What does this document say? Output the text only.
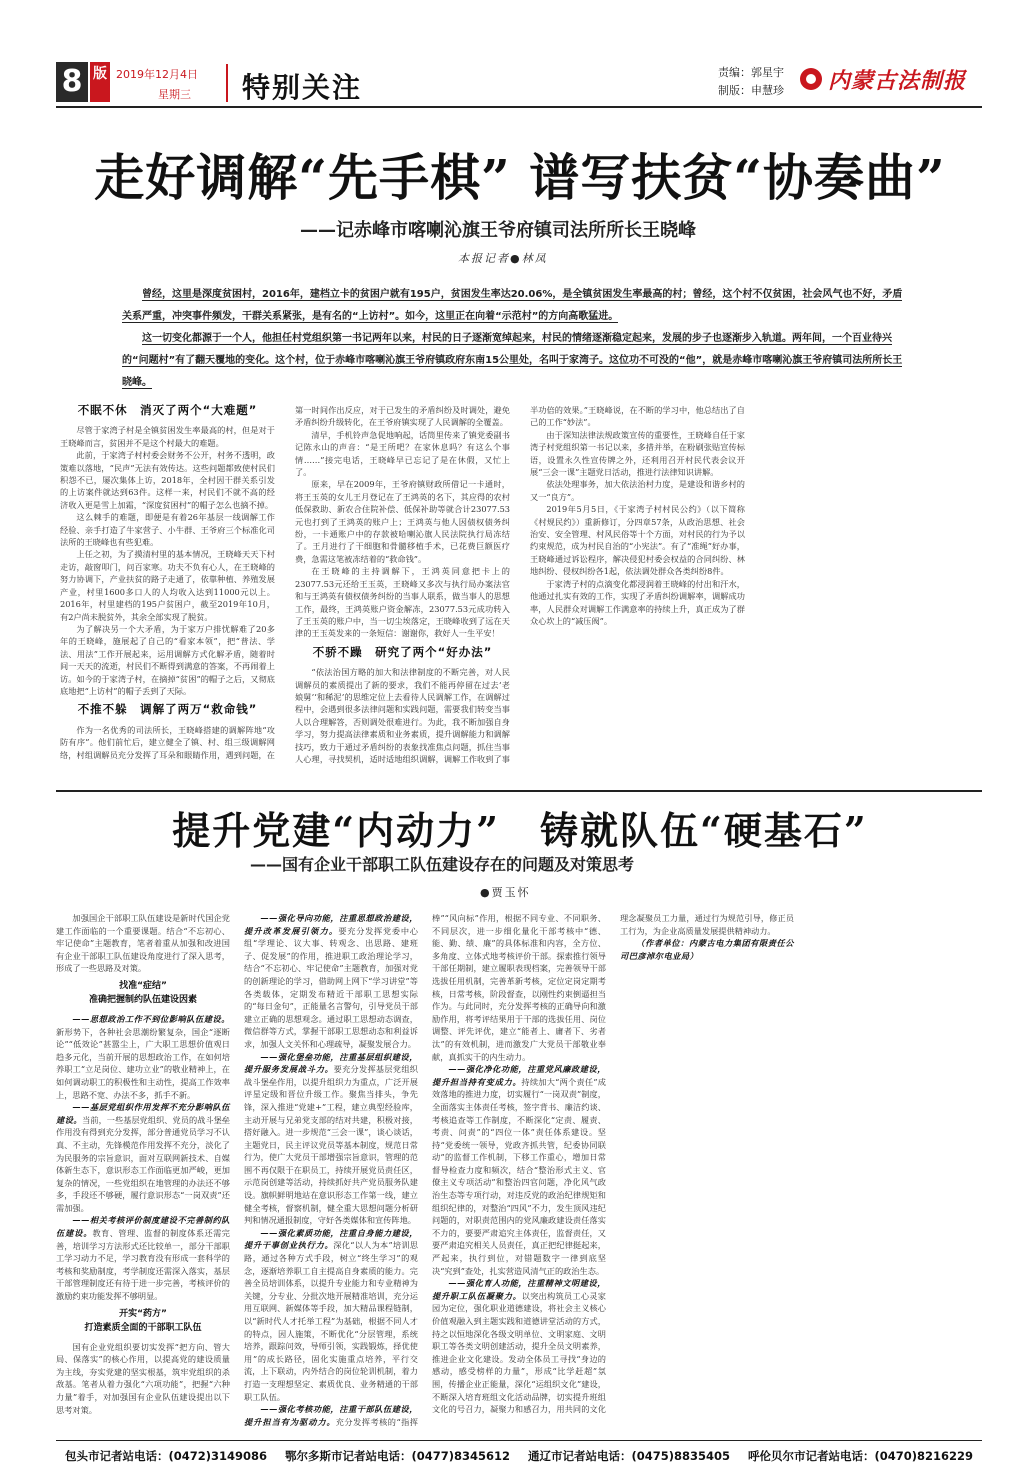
8 版 2019年12月4日
星期三 特别关注	责编：郭星宇
制版：申慧珍 内蒙古法制报
走好调解“先手棋” 谱写扶贫“协奏曲”
——记赤峰市喀喇沁旗王爷府镇司法所所长王晓峰
本报记者●林凤

曾经，这里是深度贫困村，2016年，建档立卡的贫困户就有195户，贫困发生率达20.06%，是全镇贫困发生率最高的村；曾经，这个村不仅贫困，社会风气也不好，矛盾关系严重，冲突事件频发，干群关系紧张，是有名的“上访村”。如今，这里正在向着“示范村”的方向高歌猛进。

这一切变化都源于一个人，他担任村党组织第一书记两年以来，村民的日子逐渐宽绰起来，村民的情绪逐渐稳定起来，发展的步子也逐渐步入轨道。两年间，一个百业待兴的“问题村”有了翻天覆地的变化。这个村，位于赤峰市喀喇沁旗王爷府镇政府东南15公里处，名叫于家湾子。这位功不可没的“他”，就是赤峰市喀喇沁旗王爷府镇司法所所长王晓峰。

不眠不休　消灭了两个“大难题”

尽管于家湾子村是全镇贫困发生率最高的村，但是对于王晓峰而言，贫困并不是这个村最大的难题。

此前，于家湾子村村委会财务不公开，村务不透明，政策难以落地，“民声”无法有效传达。这些问题都致使村民们积怨不已，屡次集体上访，2018年，全村因干群关系引发的上访案件就达到63件。这样一来，村民们不就不高的经济收入更是雪上加霜，“深度贫困村”的帽子怎么也摘不掉。

这么棘手的难题，即便是有着26年基层一线调解工作经验、亲手打造了牛家营子、小牛群、王爷府三个标准化司法所的王晓峰也有些犯难。

上任之初，为了摸清村里的基本情况，王晓峰天天下村走访，敲窗叩门，问百家寒。功夫不负有心人，在王晓峰的努力协调下，产业扶贫的路子走通了，依靠种植、养殖发展产业，村里1600多口人的人均收入达到11000元以上。2016年，村里建档的195户贫困户，截至2019年10月，有2户尚未脱贫外，其余全部实现了脱贫。

为了解决另一个大矛盾，为于家万户排忧解难了20多年的王晓峰，施展起了自己的“看家本领”，把“普法、学法、用法”工作开展起来，运用调解方式化解矛盾，随着时间一天天的流逝，村民们不断得到满意的答案，不再闹着上访。如今的于家湾子村，在摘掉“贫困”的帽子之后，又彻底底地把“上访村”的帽子丢到了天际。

不推不躲　调解了两万“救命钱”

作为一名优秀的司法所长，王晓峰搭建的调解阵地“攻防有序”。他们前忙后，建立健全了镇、村、组三级调解网络，村组调解员充分发挥了耳朵和眼睛作用，遇到问题，在第一时间作出反应，对于已发生的矛盾纠纷及时调处，避免矛盾纠纷升级转化，在王爷府镇实现了人民调解的全覆盖。

清早，手机铃声急促地响起，话筒里传来了镇党委副书记陈永山的声音：“是王所吧？在家休息吗？有这么个事情……”接完电话，王晓峰早已忘记了是在休假，又忙上了。

原来，早在2009年，王爷府镇财政所借记一卡通时，将王玉英的女儿王月登记在了王鸿英的名下，其应得的农村低保救助、新农合住院补偿、低保补助等就合计23077.53元也打到了王鸿英的账户上；王鸿英与他人因债权债务纠纷，一卡通账户中的存款被哈喇沁旗人民法院执行局冻结了。王月进行了干细胞和骨髓移植手术，已花费巨额医疗费，急需这笔被冻结着的“救命钱”。

在王晓峰的主持调解下，王鸿英同意把卡上的23077.53元还给王玉英，王晓峰又多次与执行局办案法官和与王鸿英有债权债务纠纷的当事人联系，做当事人的思想工作，最终，王鸿英账户资金解冻，23077.53元成功转入了王玉英的账户中，当一切尘埃落定，王晓峰收到了远在天津的王玉英发来的一条短信：谢谢你，救好人一生平安！

不骄不躁　研究了两个“好办法”

“依法治国方略的加大和法律制度的不断完善，对人民调解员的素质提出了新的要求，我们不能再停留在过去‘老娘舅’‘和稀泥’的思维定位上去看待人民调解工作，在调解过程中，会遇到很多法律问题和实践问题，需要我们转变当事人以合理解答，否则调处很难进行。为此，我不断加强自身学习，努力提高法律素质和业务素质，提升调解能力和调解技巧，致力于通过矛盾纠纷的表象找准焦点问题，抓住当事人心理，寻找契机，适时适地组织调解，调解工作收到了事半功倍的效果。”王晓峰说，在不断的学习中，他总结出了自己的工作“妙法”。

由于深知法律法规政策宣传的重要性，王晓峰自任于家湾子村党组织第一书记以来，多措并举，在粉刷张贴宣传标语，设置永久性宣传牌之外，还利用召开村民代表会议开展“三会一课”主题党日活动，推进行法律知识讲解。

依法处理事务，加大依法治村力度，是建设和谐乡村的又一“良方”。

2019年5月5日，《于家湾子村村民公约》（以下简称《村规民约》）重新修订，分四章57条，从政治思想、社会治安、安全管理、村风民俗等十个方面，对村民的行为予以约束规范，成为村民自治的“小宪法”。有了“准绳”好办事，王晓峰通过诉讼程序，解决侵犯村委会权益的合同纠纷、林地纠纷、侵权纠纷各1起，依法调处群众各类纠纷8件。

于家湾子村的点滴变化都浸润着王晓峰的付出和汗水，他通过扎实有效的工作，实现了矛盾纠纷调解率，调解成功率，人民群众对调解工作满意率的持续上升，真正成为了群众心坎上的“减压阀”。

提升党建“内动力”　铸就队伍“硬基石”
——国有企业干部职工队伍建设存在的问题及对策思考
●贾玉怀

加强国企干部职工队伍建设是新时代国企党建工作面临的一个重要课题。结合“不忘初心、牢记使命”主题教育，笔者着重从加强和改进国有企业干部职工队伍建设角度进行了深入思考，形成了一些思路及对策。

找准“症结”
准确把握制约队伍建设因素

——思想政治工作不到位影响队伍建设。新形势下，各种社会思潮纷繁复杂，国企“逐断论”“低效论”甚嚣尘上，广大职工思想价值观日趋多元化，当前开展的思想政治工作，在如何培养职工“立足岗位、建功立业”的敬业精神上，在如何调动职工的积极性和主动性，提高工作效率上，思路不宽、办法不多，抓手不新。

——基层党组织作用发挥不充分影响队伍建设。当前，一些基层党组织、党员的战斗堡垒作用没有得到充分发挥，部分普通党员学习不认真、不主动，先锋模范作用发挥不充分，淡化了为民服务的宗旨意识，面对互联网新技术、自媒体新生态下，意识形态工作面临更加严峻，更加复杂的情况，一些党组织在地管理的办法还不够多，手段还不够硬，履行意识形态“一岗双责”还需加强。

——相关考核评价制度建设不完善制约队伍建设。教育、管理、监督的制度体系还需完善，培训学习方法形式还比较单一，部分干部职工学习动力不足，学习教育没有形成一套科学的考核和奖励制度，考学制度还需深入落实，基层干部管理制度还有待于进一步完善，考核评价的激励约束功能发挥不够明显。

开实“药方”
打造素质全面的干部职工队伍

国有企业党组织要切实发挥“把方向、管大局、保落实”的核心作用，以提高党的建设质量为主线，夯实党建的坚实根基，筑牢党组织的杀敌基。笔者从着力强化“六项功能”，把握“六种力量”着手，对加强国有企业队伍建设提出以下思考对策。

——强化导向功能，注重思想政治建设，提升改革发展引领力。要充分发挥党委中心组“学理论、议大事、转观念、出思路、建班子、促发展”的作用，推进职工政治理论学习，结合“不忘初心、牢记使命”主题教育，加强对党的创新理论的学习，借助网上网下“学习讲堂”等各类载体，定期发布精近干部职工思想实际的“每日金句”，正能量名言警句，引导党员干部建立正确的思想观念。通过职工思想动态调查，微信群等方式，掌握干部职工思想动态和利益诉求，加强人文关怀和心理疏导，凝聚发展合力。

——强化堡垒功能，注重基层组织建设，提升服务发展战斗力。要充分发挥基层党组织战斗堡垒作用，以提升组织力为重点，广泛开展评星定级和晋位升级工作。聚焦当排头，争先锋，深入推进“党建+”工程，建立典型经验库，主动开展与兄弟党支部的结对共建，积极对接，搭好融入。进一步规范“三会一课”，谈心谈话，主题党日，民主评议党员等基本制度，规范日常行为，使广大党员干部增强宗旨意识，管理的范围不再仅限于在职员工，持续开展党员责任区，示范岗创建等活动，持续抓好共产党员服务队建设。旗帜鲜明地站在意识形态工作第一线，建立健全考核，督察机制，健全重大思想问题分析研判和情况通报制度，守好各类媒体和宣传阵地。

——强化素质功能，注重自身能力建设，提升干事创业执行力。深化“以人为本”培训思路，通过各种方式手段，树立“终生学习”的观念，逐渐培养职工自主提高自身素质的能力。完善全员培训体系，以提升专业能力和专业精神为关键，分专业、分批次地开展精准培训，充分运用互联网、新媒体等手段，加大精品课程链制，以“新时代人才托举工程”为基础，根据不同人才的特点，因人施策，不断优化“分层管理，系统培养，跟踪问效，导师引领，实践锻炼，择优使用”的成长路径，固化实施重点培养，平行交流，上下联动，内外结合的岗位轮训机制，着力打造一支理想坚定、素质优良、业务精通的干部职工队伍。

——强化考核功能，注重干部队伍建设，提升担当有为驱动力。充分发挥考核的“指挥棒”“风向标”作用，根据不同专业、不同职务、不同层次，进一步细化量化干部考核中“德、能、勤、绩、廉”的具体标准和内容，全方位、多角度、立体式地考核评价干部。探索推行领导干部任期制，建立履职表现档案，完善领导干部选拔任用机制，完善革新考核，定位定岗定期考核，日常考核，阶段督查，以刚性约束倒逼担当作为。与此同时，充分发挥考核的正确导向和激励作用，将考评结果用于干部的选拔任用、岗位调整、评先评优，建立“能者上、庸者下、劣者汰”的有效机制，进而激发广大党员干部敬业奉献，真抓实干的内生动力。

——强化净化功能，注重党风廉政建设，提升担当持有变成力。持续加大“两个责任”成效落地的推进力度，切实履行“一岗双责”制度，全面落实主体责任考核，签字背书、廉洁约谈、考核追查等工作制度，不断深化“定责、履责、考责、问责”的“四位一体”责任体系建设。坚持“党委统一领导，党政齐抓共管，纪委协同联动”的监督工作机制，下移工作重心，增加日常督导检查力度和频次，结合“整治形式主义、官僚主义专项活动”和整治四官问题，净化风气政治生态等专项行动，对违反党的政治纪律规矩和组织纪律的，对整治“四风”不力，发生顶风违纪问题的，对职责范围内的党风廉政建设责任落实不力的，要要严肃追究主体责任，监督责任，又要严肃追究相关人员责任，真正把纪律挺起来，严起来，执行到位，对错题数字一律到底坚决“究到”查处，扎实营造风清气正的政治生态。

——强化育人功能，注重精神文明建设，提升职工队伍凝聚力。以突出构筑员工心灵家园为定位，强化职业道德建设，将社会主义核心价值观融入到主题实践和道德讲堂活动的方式，持之以恒地深化各级文明单位、文明家庭、文明职工等各类文明创建活动，提升全员文明素养，推进企业文化建设。发动全体员工寻找“身边的感动，感受榜样的力量”，形成“比学赶超”氛围，传播企业正能量，深化“运组织文化”建设，不断深入培育班组文化活动品牌，切实提升班组文化的号召力，凝聚力和感召力，用共同的文化理念凝聚员工力量，通过行为规范引导，修正员工行为，为企业高质量发展提供精神动力。

（作者单位：内蒙古电力集团有限责任公司巴彦淖尔电业局）

包头市记者站电话：(0472)3149086 鄂尔多斯市记者站电话：(0477)8345612 通辽市记者站电话：(0475)8835405 呼伦贝尔市记者站电话：(0470)8216229
